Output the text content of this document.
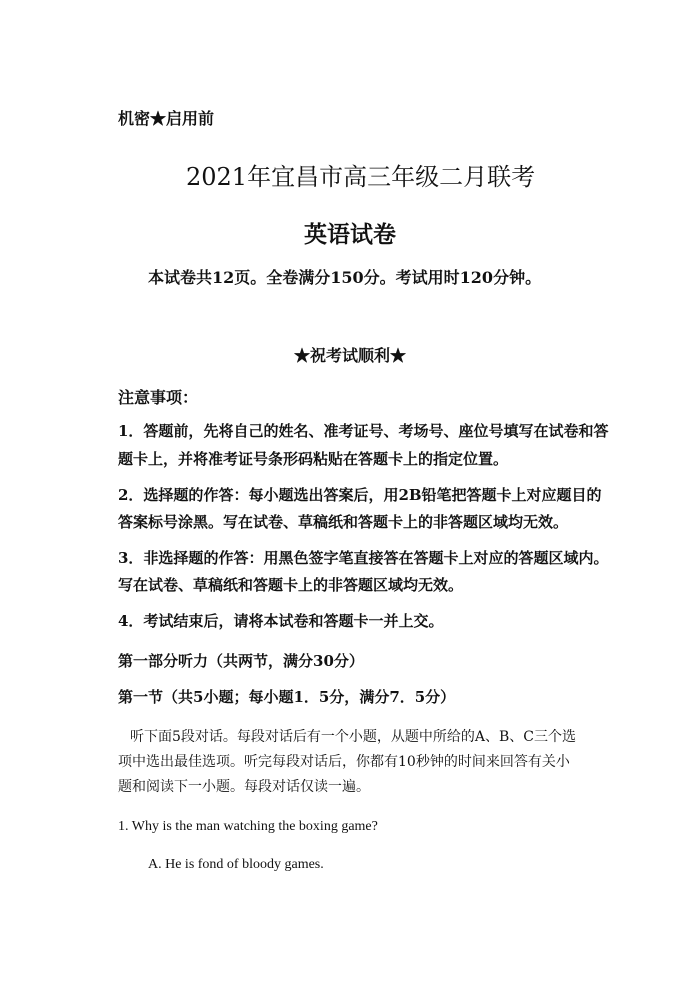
机密★启用前
2021年宜昌市高三年级二月联考
英语试卷
本试卷共12页。全卷满分150分。考试用时120分钟。
★祝考试顺利★
注意事项：
1．答题前，先将自己的姓名、准考证号、考场号、座位号填写在试卷和答
题卡上，并将准考证号条形码粘贴在答题卡上的指定位置。
2．选择题的作答：每小题选出答案后，用2B铅笔把答题卡上对应题目的
答案标号涂黑。写在试卷、草稿纸和答题卡上的非答题区域均无效。
3．非选择题的作答：用黑色签字笔直接答在答题卡上对应的答题区域内。
写在试卷、草稿纸和答题卡上的非答题区域均无效。
4．考试结束后，请将本试卷和答题卡一并上交。
第一部分听力（共两节，满分30分）
第一节（共5小题；每小题1．5分，满分7．5分）
听下面5段对话。每段对话后有一个小题，从题中所给的A、B、C三个选
项中选出最佳选项。听完每段对话后，你都有10秒钟的时间来回答有关小
题和阅读下一小题。每段对话仅读一遍。
1. Why is the man watching the boxing game?
A. He is fond of bloody games.
